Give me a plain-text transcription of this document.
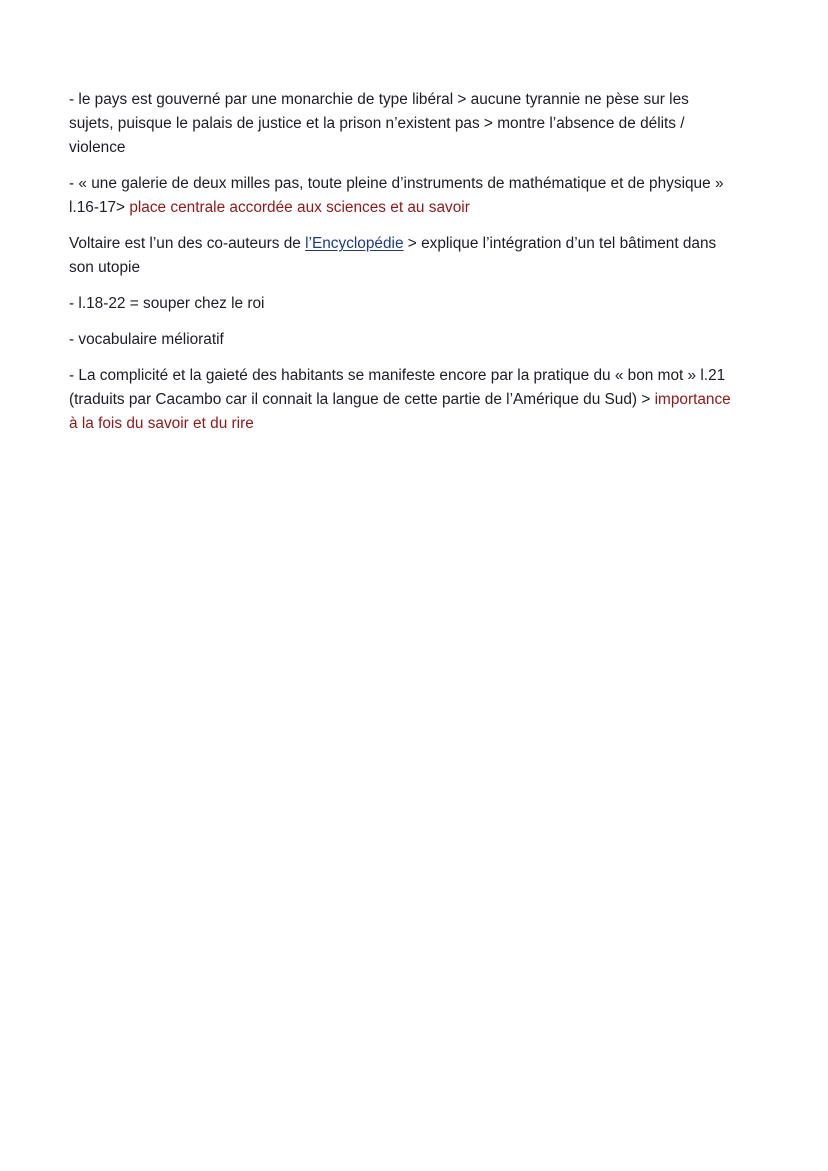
- le pays est gouverné par une monarchie de type libéral > aucune tyrannie ne pèse sur les sujets, puisque le palais de justice et la prison n’existent pas > montre l’absence de délits / violence

- « une galerie de deux milles pas, toute pleine d’instruments de mathématique et de physique » l.16-17> place centrale accordée aux sciences et au savoir

Voltaire est l’un des co-auteurs de l’Encyclopédie > explique l’intégration d’un tel bâtiment dans son utopie

- l.18-22 = souper chez le roi

- vocabulaire mélioratif

- La complicité et la gaieté des habitants se manifeste encore par la pratique du « bon mot » l.21 (traduits par Cacambo car il connait la langue de cette partie de l’Amérique du Sud) > importance à la fois du savoir et du rire
